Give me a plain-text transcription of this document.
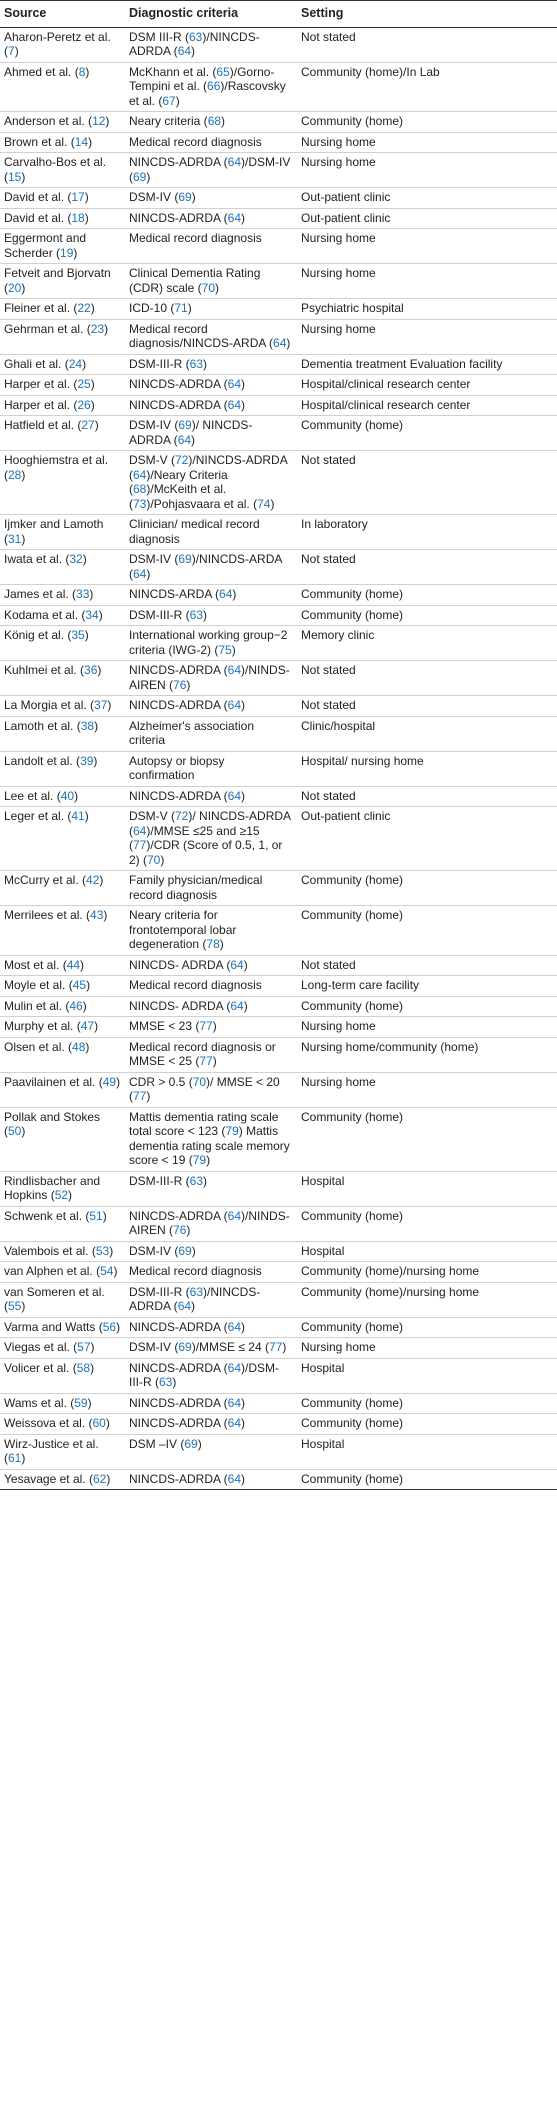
Source	Diagnostic criteria	Setting
Aharon-Peretz et al. (7)	DSM III-R (63)/NINCDS-ADRDA (64)	Not stated
Ahmed et al. (8)	McKhann et al. (65)/Gorno-Tempini et al. (66)/Rascovsky et al. (67)	Community (home)/In Lab
Anderson et al. (12)	Neary criteria (68)	Community (home)
Brown et al. (14)	Medical record diagnosis	Nursing home
Carvalho-Bos et al. (15)	NINCDS-ADRDA (64)/DSM-IV (69)	Nursing home
David et al. (17)	DSM-IV (69)	Out-patient clinic
David et al. (18)	NINCDS-ADRDA (64)	Out-patient clinic
Eggermont and Scherder (19)	Medical record diagnosis	Nursing home
Fetveit and Bjorvatn (20)	Clinical Dementia Rating (CDR) scale (70)	Nursing home
Fleiner et al. (22)	ICD-10 (71)	Psychiatric hospital
Gehrman et al. (23)	Medical record diagnosis/NINCDS-ARDA (64)	Nursing home
Ghali et al. (24)	DSM-III-R (63)	Dementia treatment Evaluation facility
Harper et al. (25)	NINCDS-ADRDA (64)	Hospital/clinical research center
Harper et al. (26)	NINCDS-ADRDA (64)	Hospital/clinical research center
Hatfield et al. (27)	DSM-IV (69)/ NINCDS-ADRDA (64)	Community (home)
Hooghiemstra et al. (28)	DSM-V (72)/NINCDS-ADRDA (64)/Neary Criteria (68)/McKeith et al. (73)/Pohjasvaara et al. (74)	Not stated
Ijmker and Lamoth (31)	Clinician/ medical record diagnosis	In laboratory
Iwata et al. (32)	DSM-IV (69)/NINCDS-ARDA (64)	Not stated
James et al. (33)	NINCDS-ARDA (64)	Community (home)
Kodama et al. (34)	DSM-III-R (63)	Community (home)
König et al. (35)	International working group−2 criteria (IWG-2) (75)	Memory clinic
Kuhlmei et al. (36)	NINCDS-ADRDA (64)/NINDS-AIREN (76)	Not stated
La Morgia et al. (37)	NINCDS-ADRDA (64)	Not stated
Lamoth et al. (38)	Alzheimer's association criteria	Clinic/hospital
Landolt et al. (39)	Autopsy or biopsy confirmation	Hospital/ nursing home
Lee et al. (40)	NINCDS-ADRDA (64)	Not stated
Leger et al. (41)	DSM-V (72)/ NINCDS-ADRDA (64)/MMSE ≤25 and ≥15 (77)/CDR (Score of 0.5, 1, or 2) (70)	Out-patient clinic
McCurry et al. (42)	Family physician/medical record diagnosis	Community (home)
Merrilees et al. (43)	Neary criteria for frontotemporal lobar degeneration (78)	Community (home)
Most et al. (44)	NINCDS- ADRDA (64)	Not stated
Moyle et al. (45)	Medical record diagnosis	Long-term care facility
Mulin et al. (46)	NINCDS- ADRDA (64)	Community (home)
Murphy et al. (47)	MMSE < 23 (77)	Nursing home
Olsen et al. (48)	Medical record diagnosis or MMSE < 25 (77)	Nursing home/community (home)
Paavilainen et al. (49)	CDR > 0.5 (70)/ MMSE < 20 (77)	Nursing home
Pollak and Stokes (50)	Mattis dementia rating scale total score < 123 (79) Mattis dementia rating scale memory score < 19 (79)	Community (home)
Rindlisbacher and Hopkins (52)	DSM-III-R (63)	Hospital
Schwenk et al. (51)	NINCDS-ADRDA (64)/NINDS-AIREN (76)	Community (home)
Valembois et al. (53)	DSM-IV (69)	Hospital
van Alphen et al. (54)	Medical record diagnosis	Community (home)/nursing home
van Someren et al. (55)	DSM-III-R (63)/NINCDS-ADRDA (64)	Community (home)/nursing home
Varma and Watts (56)	NINCDS-ADRDA (64)	Community (home)
Viegas et al. (57)	DSM-IV (69)/MMSE ≤ 24 (77)	Nursing home
Volicer et al. (58)	NINCDS-ADRDA (64)/DSM-III-R (63)	Hospital
Wams et al. (59)	NINCDS-ADRDA (64)	Community (home)
Weissova et al. (60)	NINCDS-ADRDA (64)	Community (home)
Wirz-Justice et al. (61)	DSM –IV (69)	Hospital
Yesavage et al. (62)	NINCDS-ADRDA (64)	Community (home)
